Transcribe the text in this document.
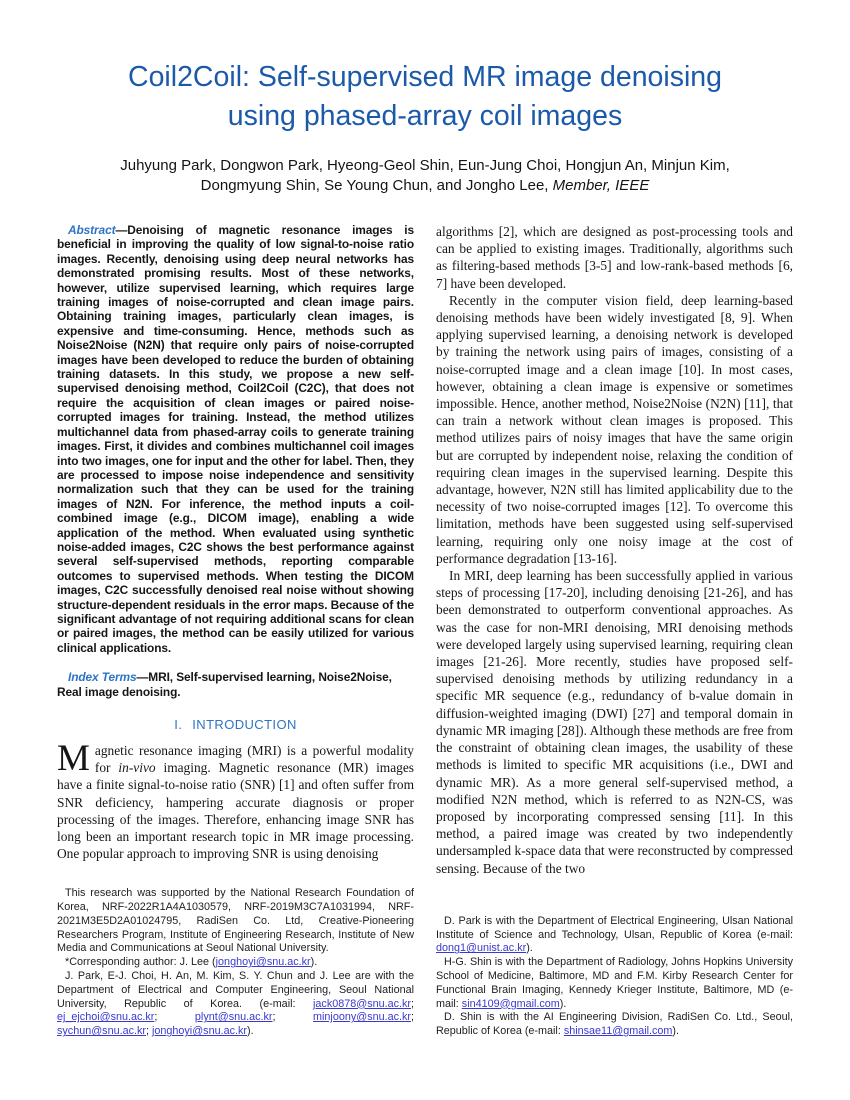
Coil2Coil: Self-supervised MR image denoising
using phased-array coil images
Juhyung Park, Dongwon Park, Hyeong-Geol Shin, Eun-Jung Choi, Hongjun An, Minjun Kim,
Dongmyung Shin, Se Young Chun, and Jongho Lee, Member, IEEE

Abstract—Denoising of magnetic resonance images is beneficial in improving the quality of low signal-to-noise ratio images. Recently, denoising using deep neural networks has demonstrated promising results. Most of these networks, however, utilize supervised learning, which requires large training images of noise-corrupted and clean image pairs. Obtaining training images, particularly clean images, is expensive and time-consuming. Hence, methods such as Noise2Noise (N2N) that require only pairs of noise-corrupted images have been developed to reduce the burden of obtaining training datasets. In this study, we propose a new self-supervised denoising method, Coil2Coil (C2C), that does not require the acquisition of clean images or paired noise-corrupted images for training. Instead, the method utilizes multichannel data from phased-array coils to generate training images. First, it divides and combines multichannel coil images into two images, one for input and the other for label. Then, they are processed to impose noise independence and sensitivity normalization such that they can be used for the training images of N2N. For inference, the method inputs a coil-combined image (e.g., DICOM image), enabling a wide application of the method. When evaluated using synthetic noise-added images, C2C shows the best performance against several self-supervised methods, reporting comparable outcomes to supervised methods. When testing the DICOM images, C2C successfully denoised real noise without showing structure-dependent residuals in the error maps. Because of the significant advantage of not requiring additional scans for clean or paired images, the method can be easily utilized for various clinical applications.

Index Terms—MRI, Self-supervised learning, Noise2Noise, Real image denoising.

I. INTRODUCTION

Magnetic resonance imaging (MRI) is a powerful modality for in-vivo imaging. Magnetic resonance (MR) images have a finite signal-to-noise ratio (SNR) [1] and often suffer from SNR deficiency, hampering accurate diagnosis or proper processing of the images. Therefore, enhancing image SNR has long been an important research topic in MR image processing. One popular approach to improving SNR is using denoising

This research was supported by the National Research Foundation of Korea, NRF-2022R1A4A1030579, NRF-2019M3C7A1031994, NRF-2021M3E5D2A01024795, RadiSen Co. Ltd, Creative-Pioneering Researchers Program, Institute of Engineering Research, Institute of New Media and Communications at Seoul National University.

*Corresponding author: J. Lee (jonghoyi@snu.ac.kr).

J. Park, E-J. Choi, H. An, M. Kim, S. Y. Chun and J. Lee are with the Department of Electrical and Computer Engineering, Seoul National University, Republic of Korea. (e-mail: jack0878@snu.ac.kr; ej_ejchoi@snu.ac.kr; plynt@snu.ac.kr; minjoony@snu.ac.kr; sychun@snu.ac.kr; jonghoyi@snu.ac.kr).

algorithms [2], which are designed as post-processing tools and can be applied to existing images. Traditionally, algorithms such as filtering-based methods [3-5] and low-rank-based methods [6, 7] have been developed.

Recently in the computer vision field, deep learning-based denoising methods have been widely investigated [8, 9]. When applying supervised learning, a denoising network is developed by training the network using pairs of images, consisting of a noise-corrupted image and a clean image [10]. In most cases, however, obtaining a clean image is expensive or sometimes impossible. Hence, another method, Noise2Noise (N2N) [11], that can train a network without clean images is proposed. This method utilizes pairs of noisy images that have the same origin but are corrupted by independent noise, relaxing the condition of requiring clean images in the supervised learning. Despite this advantage, however, N2N still has limited applicability due to the necessity of two noise-corrupted images [12]. To overcome this limitation, methods have been suggested using self-supervised learning, requiring only one noisy image at the cost of performance degradation [13-16].

In MRI, deep learning has been successfully applied in various steps of processing [17-20], including denoising [21-26], and has been demonstrated to outperform conventional approaches. As was the case for non-MRI denoising, MRI denoising methods were developed largely using supervised learning, requiring clean images [21-26]. More recently, studies have proposed self-supervised denoising methods by utilizing redundancy in a specific MR sequence (e.g., redundancy of b-value domain in diffusion-weighted imaging (DWI) [27] and temporal domain in dynamic MR imaging [28]). Although these methods are free from the constraint of obtaining clean images, the usability of these methods is limited to specific MR acquisitions (i.e., DWI and dynamic MR). As a more general self-supervised method, a modified N2N method, which is referred to as N2N-CS, was proposed by incorporating compressed sensing [11]. In this method, a paired image was created by two independently undersampled k-space data that were reconstructed by compressed sensing. Because of the two

D. Park is with the Department of Electrical Engineering, Ulsan National Institute of Science and Technology, Ulsan, Republic of Korea (e-mail: dong1@unist.ac.kr).

H-G. Shin is with the Department of Radiology, Johns Hopkins University School of Medicine, Baltimore, MD and F.M. Kirby Research Center for Functional Brain Imaging, Kennedy Krieger Institute, Baltimore, MD (e-mail: sin4109@gmail.com).

D. Shin is with the AI Engineering Division, RadiSen Co. Ltd., Seoul, Republic of Korea (e-mail: shinsae11@gmail.com).
